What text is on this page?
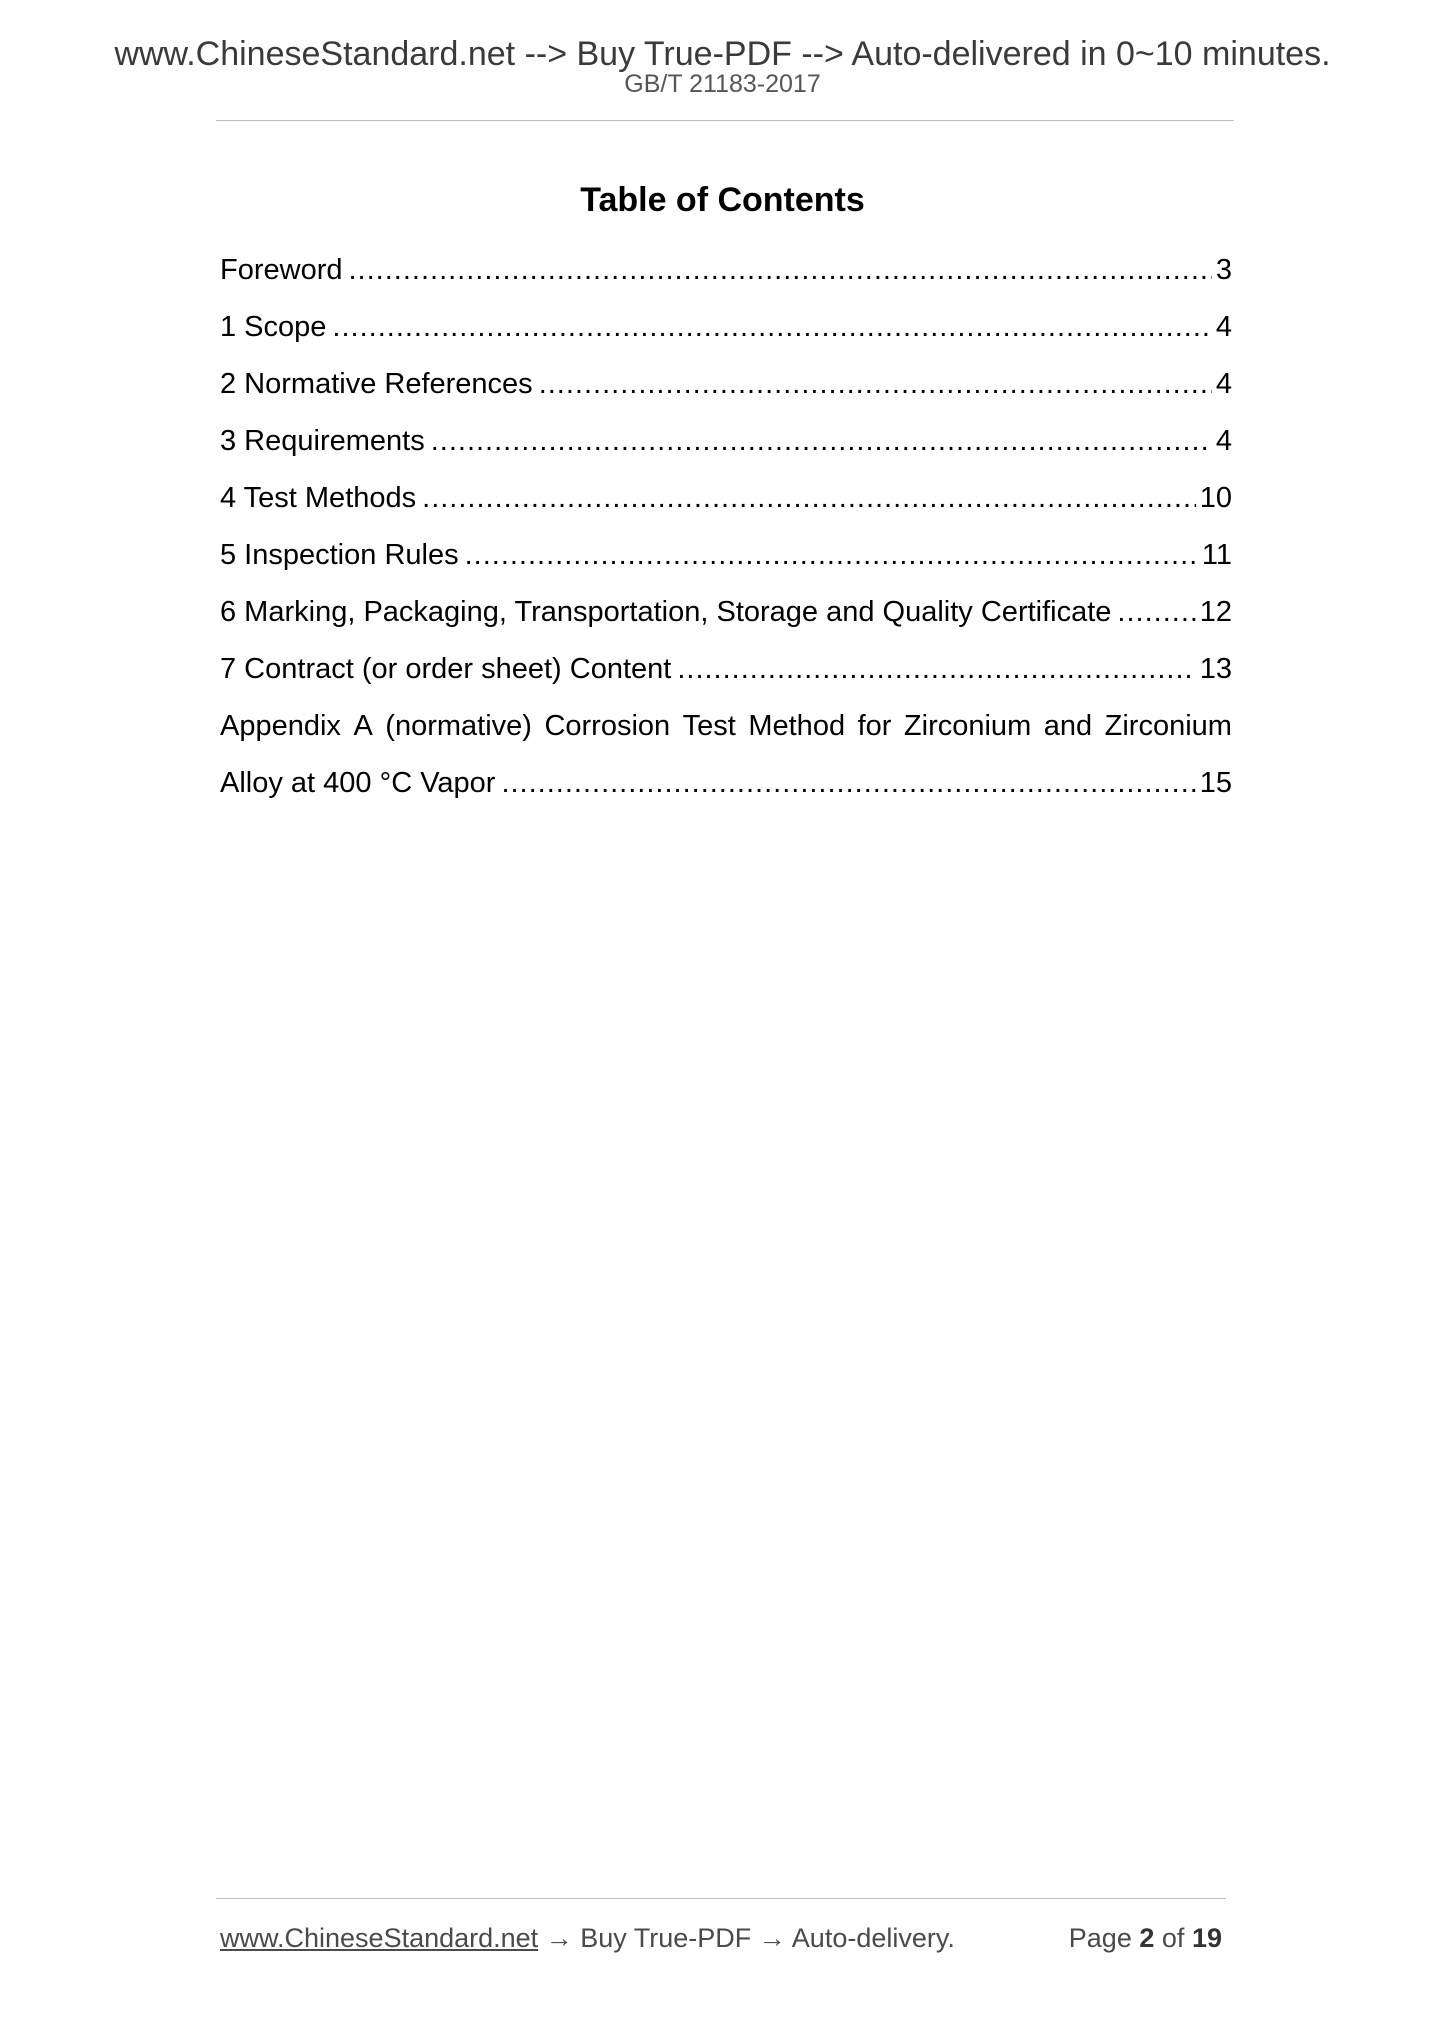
www.ChineseStandard.net --> Buy True-PDF --> Auto-delivered in 0~10 minutes.
GB/T 21183-2017
Table of Contents
Foreword .....	3
1 Scope .....	4
2 Normative References .....	4
3 Requirements .....	4
4 Test Methods .....	10
5 Inspection Rules .....	11
6 Marking, Packaging, Transportation, Storage and Quality Certificate .....	12
7 Contract (or order sheet) Content .....	13
Appendix A (normative) Corrosion Test Method for Zirconium and Zirconium
Alloy at 400 °C Vapor .....	15
www.ChineseStandard.net → Buy True-PDF → Auto-delivery.	Page 2 of 19
